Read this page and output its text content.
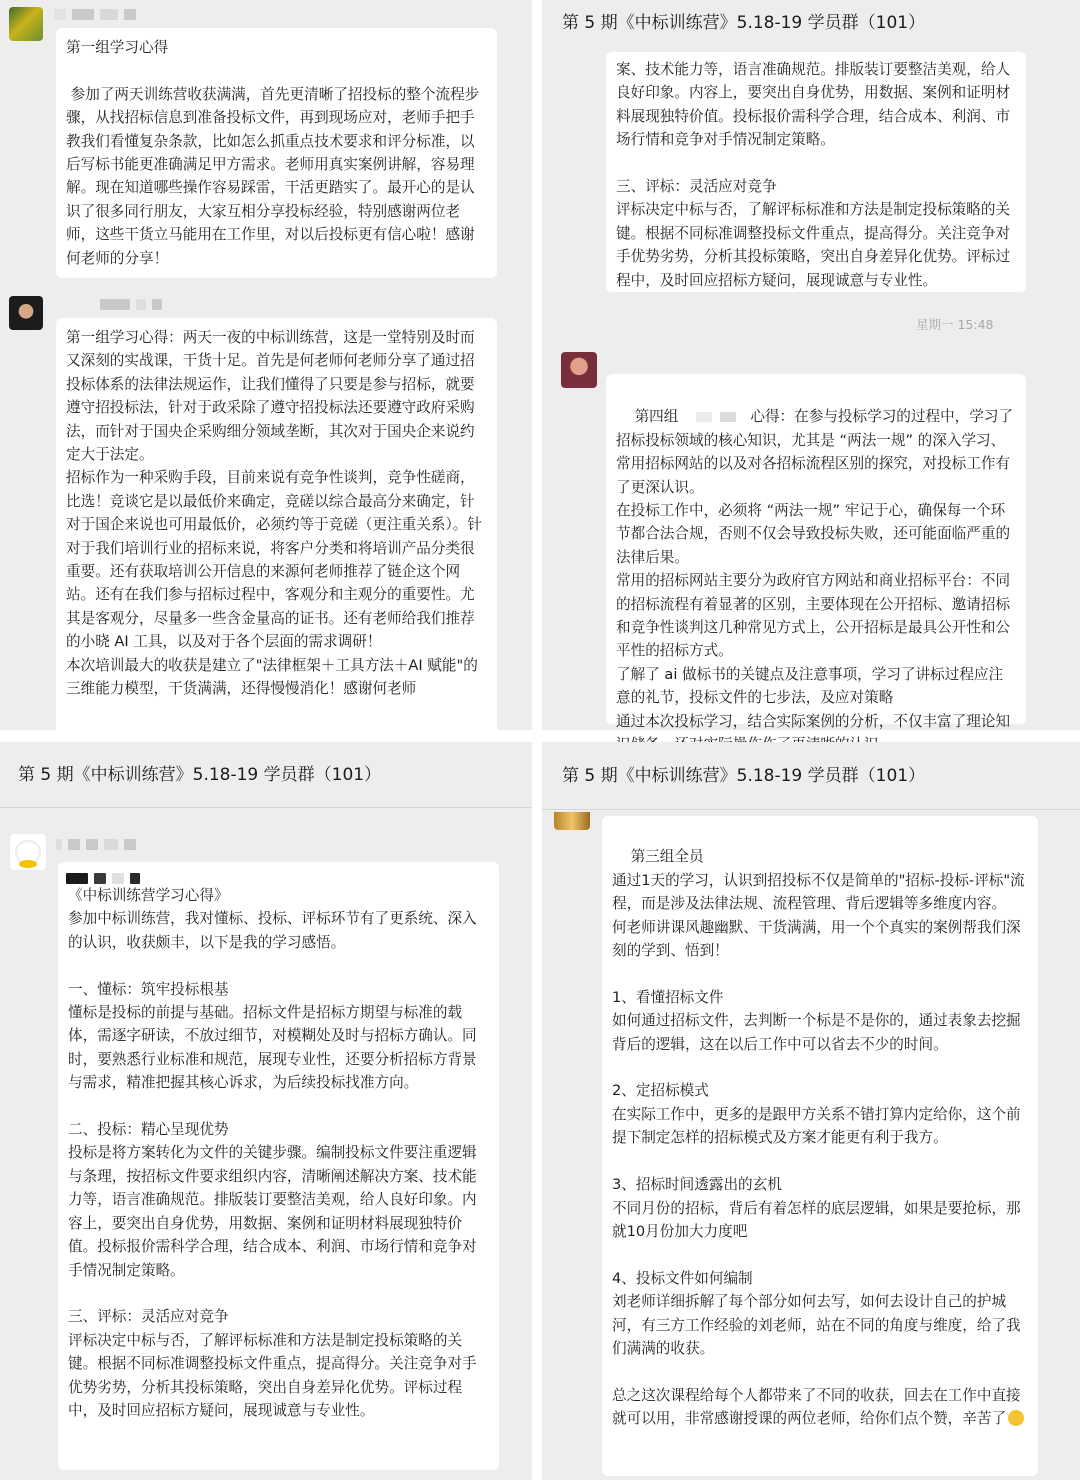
第一组学习心得

参加了两天训练营收获满满，首先更清晰了招投标的整个流程步骤，从找招标信息到准备投标文件，再到现场应对，老师手把手教我们看懂复杂条款，比如怎么抓重点技术要求和评分标准，以后写标书能更准确满足甲方需求。老师用真实案例讲解，容易理解。现在知道哪些操作容易踩雷，干活更踏实了。最开心的是认识了很多同行朋友，大家互相分享投标经验，特别感谢两位老师，这些干货立马能用在工作里，对以后投标更有信心啦！感谢何老师的分享！
第一组学习心得：两天一夜的中标训练营，这是一堂特别及时而又深刻的实战课，干货十足。首先是何老师何老师分享了通过招投标体系的法律法规运作，让我们懂得了只要是参与招标，就要遵守招投标法，针对于政采除了遵守招投标法还要遵守政府采购法，而针对于国央企采购细分领域垄断，其次对于国央企来说约定大于法定。
招标作为一种采购手段，目前来说有竞争性谈判，竞争性磋商，比选！竞谈它是以最低价来确定，竞磋以综合最高分来确定，针对于国企来说也可用最低价，必须约等于竞磋（更注重关系）。针对于我们培训行业的招标来说，将客户分类和将培训产品分类很重要。还有获取培训公开信息的来源何老师推荐了链企这个网站。还有在我们参与招标过程中，客观分和主观分的重要性。尤其是客观分，尽量多一些含金量高的证书。还有老师给我们推荐的小晓 AI 工具，以及对于各个层面的需求调研！
本次培训最大的收获是建立了"法律框架＋工具方法＋AI 赋能"的三维能力模型，干货满满，还得慢慢消化！感谢何老师
第 5 期《中标训练营》5.18-19 学员群（101）
案、技术能力等，语言准确规范。排版装订要整洁美观，给人良好印象。内容上，要突出自身优势，用数据、案例和证明材料展现独特价值。投标报价需科学合理，结合成本、利润、市场行情和竞争对手情况制定策略。

三、评标：灵活应对竞争
评标决定中标与否，了解评标标准和方法是制定投标策略的关键。根据不同标准调整投标文件重点，提高得分。关注竞争对手优势劣势，分析其投标策略，突出自身差异化优势。评标过程中，及时回应招标方疑问，展现诚意与专业性。
星期一 15:48

第四组	心得：在参与投标学习的过程中，学习了招标投标领域的核心知识，尤其是 “两法一规” 的深入学习、常用招标网站的以及对各招标流程区别的探究，对投标工作有了更深认识。
在投标工作中，必须将 “两法一规” 牢记于心，确保每一个环节都合法合规，否则不仅会导致投标失败，还可能面临严重的法律后果。
常用的招标网站主要分为政府官方网站和商业招标平台：不同的招标流程有着显著的区别，主要体现在公开招标、邀请招标和竞争性谈判这几种常见方式上，公开招标是最具公开性和公平性的招标方式。
了解了 ai 做标书的关键点及注意事项，学习了讲标过程应注意的礼节，投标文件的七步法，及应对策略
通过本次投标学习，结合实际案例的分析，不仅丰富了理论知

第 5 期《中标训练营》5.18-19 学员群（101）
《中标训练营学习心得》
参加中标训练营，我对懂标、投标、评标环节有了更系统、深入的认识，收获颇丰，以下是我的学习感悟。

一、懂标：筑牢投标根基
懂标是投标的前提与基础。招标文件是招标方期望与标准的载体，需逐字研读，不放过细节，对模糊处及时与招标方确认。同时，要熟悉行业标准和规范，展现专业性，还要分析招标方背景与需求，精准把握其核心诉求，为后续投标找准方向。

二、投标：精心呈现优势
投标是将方案转化为文件的关键步骤。编制投标文件要注重逻辑与条理，按招标文件要求组织内容，清晰阐述解决方案、技术能力等，语言准确规范。排版装订要整洁美观，给人良好印象。内容上，要突出自身优势，用数据、案例和证明材料展现独特价值。投标报价需科学合理，结合成本、利润、市场行情和竞争对手情况制定策略。

三、评标：灵活应对竞争
评标决定中标与否，了解评标标准和方法是制定投标策略的关键。根据不同标准调整投标文件重点，提高得分。关注竞争对手优势劣势，分析其投标策略，突出自身差异化优势。评标过程中，及时回应招标方疑问，展现诚意与专业性。
第 5 期《中标训练营》5.18-19 学员群（101）

第三组全员
通过1天的学习，认识到招投标不仅是简单的"招标-投标-评标"流程，而是涉及法律法规、流程管理、背后逻辑等多维度内容。
何老师讲课风趣幽默、干货满满，用一个个真实的案例帮我们深刻的学到、悟到！

1、看懂招标文件
如何通过招标文件，去判断一个标是不是你的，通过表象去挖掘背后的逻辑，这在以后工作中可以省去不少的时间。

2、定招标模式
在实际工作中，更多的是跟甲方关系不错打算内定给你，这个前提下制定怎样的招标模式及方案才能更有利于我方。

3、招标时间透露出的玄机
不同月份的招标，背后有着怎样的底层逻辑，如果是要抢标，那就10月份加大力度吧

4、投标文件如何编制
刘老师详细拆解了每个部分如何去写，如何去设计自己的护城河，有三方工作经验的刘老师，站在不同的角度与维度，给了我们满满的收获。

总之这次课程给每个人都带来了不同的收获，回去在工作中直接就可以用，非常感谢授课的两位老师，给你们点个赞，辛苦了
